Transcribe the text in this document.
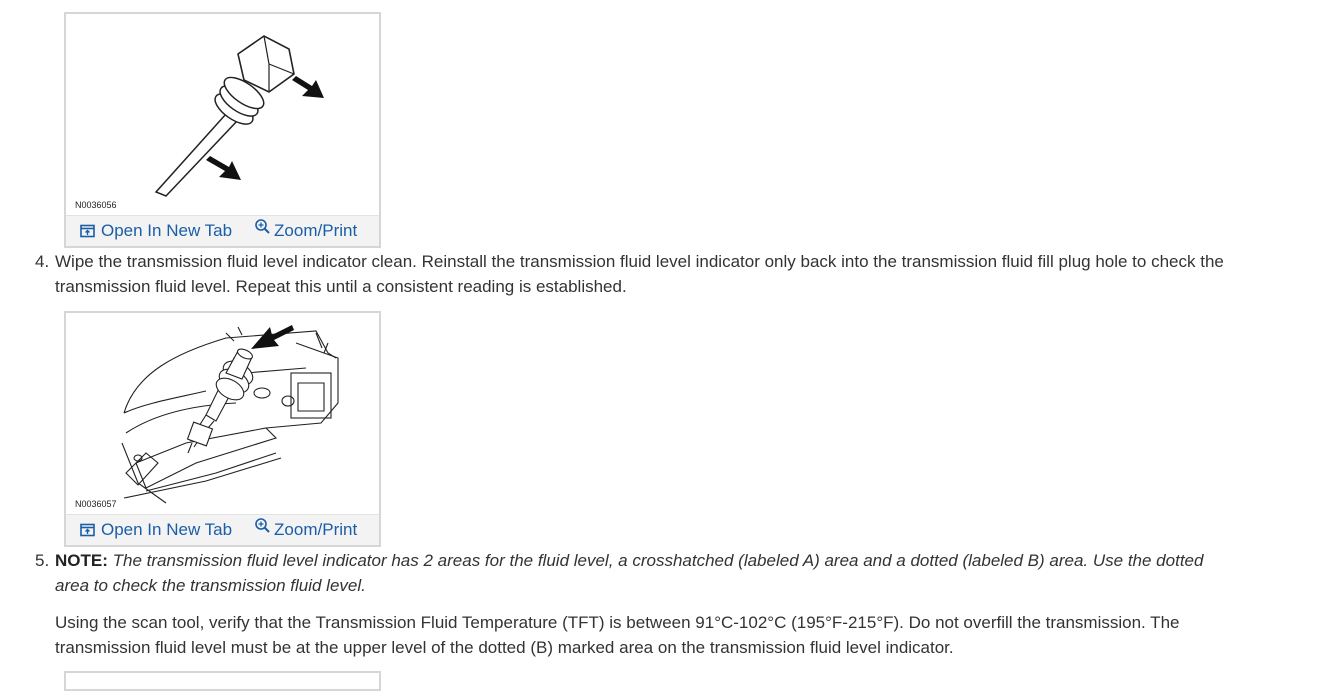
N0036056
Open In New Tab Zoom/Print
4. Wipe the transmission fluid level indicator clean. Reinstall the transmission fluid level indicator only back into the transmission fluid fill plug hole to check the transmission fluid level. Repeat this until a consistent reading is established.
N0036057
Open In New Tab Zoom/Print
5. NOTE: The transmission fluid level indicator has 2 areas for the fluid level, a crosshatched (labeled A) area and a dotted (labeled B) area. Use the dotted area to check the transmission fluid level.
Using the scan tool, verify that the Transmission Fluid Temperature (TFT) is between 91°C-102°C (195°F-215°F). Do not overfill the transmission. The transmission fluid level must be at the upper level of the dotted (B) marked area on the transmission fluid level indicator.
